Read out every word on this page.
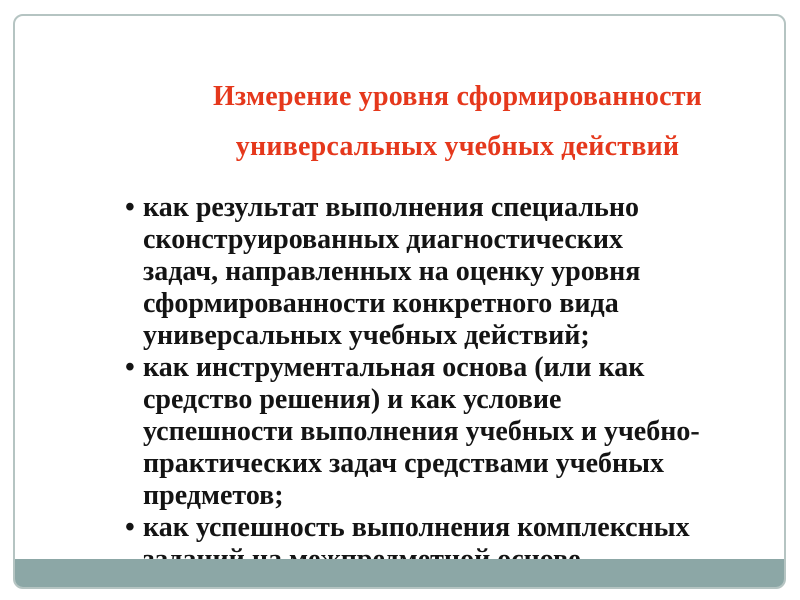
Измерение уровня сформированности
универсальных учебных действий
• как результат выполнения специально
сконструированных диагностических
задач, направленных на оценку уровня
сформированности конкретного вида
универсальных учебных действий;
• как инструментальная основа (или как
средство решения) и как условие
успешности выполнения учебных и учебно-
практических задач средствами учебных
предметов;
• как успешность выполнения комплексных
